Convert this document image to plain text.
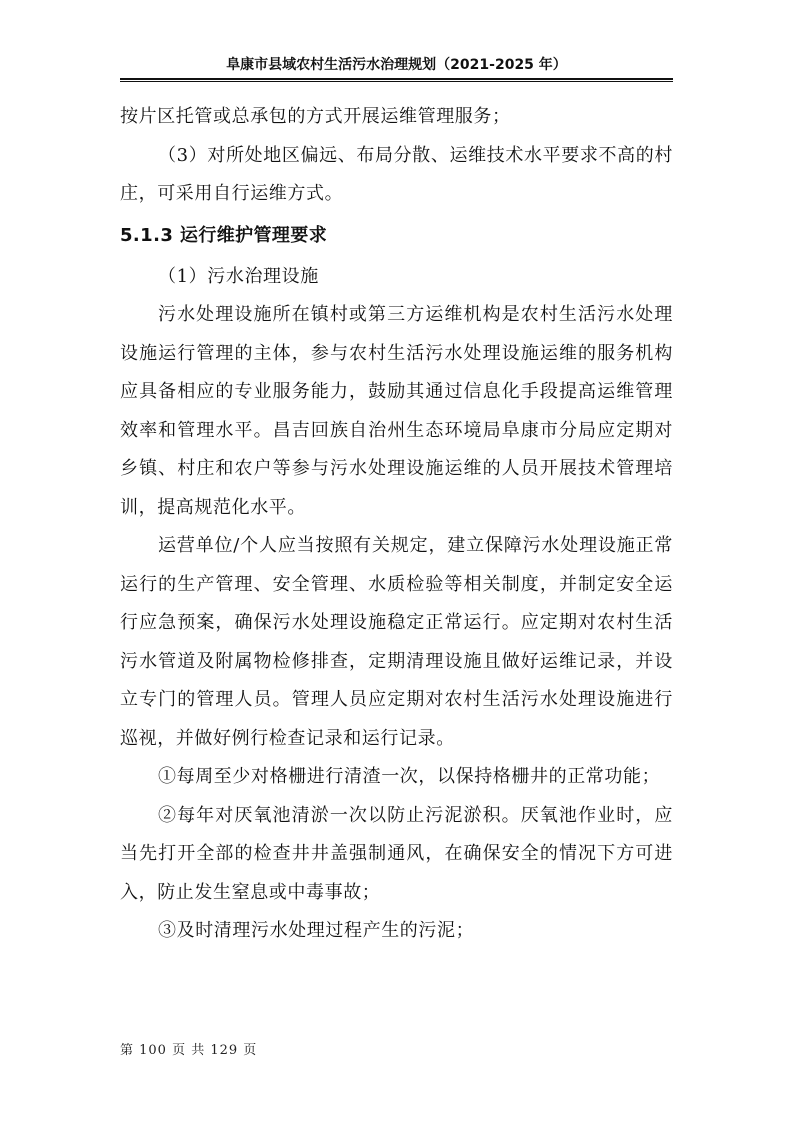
阜康市县域农村生活污水治理规划（2021-2025 年）

按片区托管或总承包的方式开展运维管理服务；

（3）对所处地区偏远、布局分散、运维技术水平要求不高的村庄，可采用自行运维方式。

5.1.3 运行维护管理要求

（1）污水治理设施

污水处理设施所在镇村或第三方运维机构是农村生活污水处理设施运行管理的主体，参与农村生活污水处理设施运维的服务机构应具备相应的专业服务能力，鼓励其通过信息化手段提高运维管理效率和管理水平。昌吉回族自治州生态环境局阜康市分局应定期对乡镇、村庄和农户等参与污水处理设施运维的人员开展技术管理培训，提高规范化水平。

运营单位/个人应当按照有关规定，建立保障污水处理设施正常运行的生产管理、安全管理、水质检验等相关制度，并制定安全运行应急预案，确保污水处理设施稳定正常运行。应定期对农村生活污水管道及附属物检修排查，定期清理设施且做好运维记录，并设立专门的管理人员。管理人员应定期对农村生活污水处理设施进行巡视，并做好例行检查记录和运行记录。

①每周至少对格栅进行清渣一次，以保持格栅井的正常功能；

②每年对厌氧池清淤一次以防止污泥淤积。厌氧池作业时，应当先打开全部的检查井井盖强制通风，在确保安全的情况下方可进入，防止发生窒息或中毒事故；

③及时清理污水处理过程产生的污泥；

第 100 页 共 129 页
